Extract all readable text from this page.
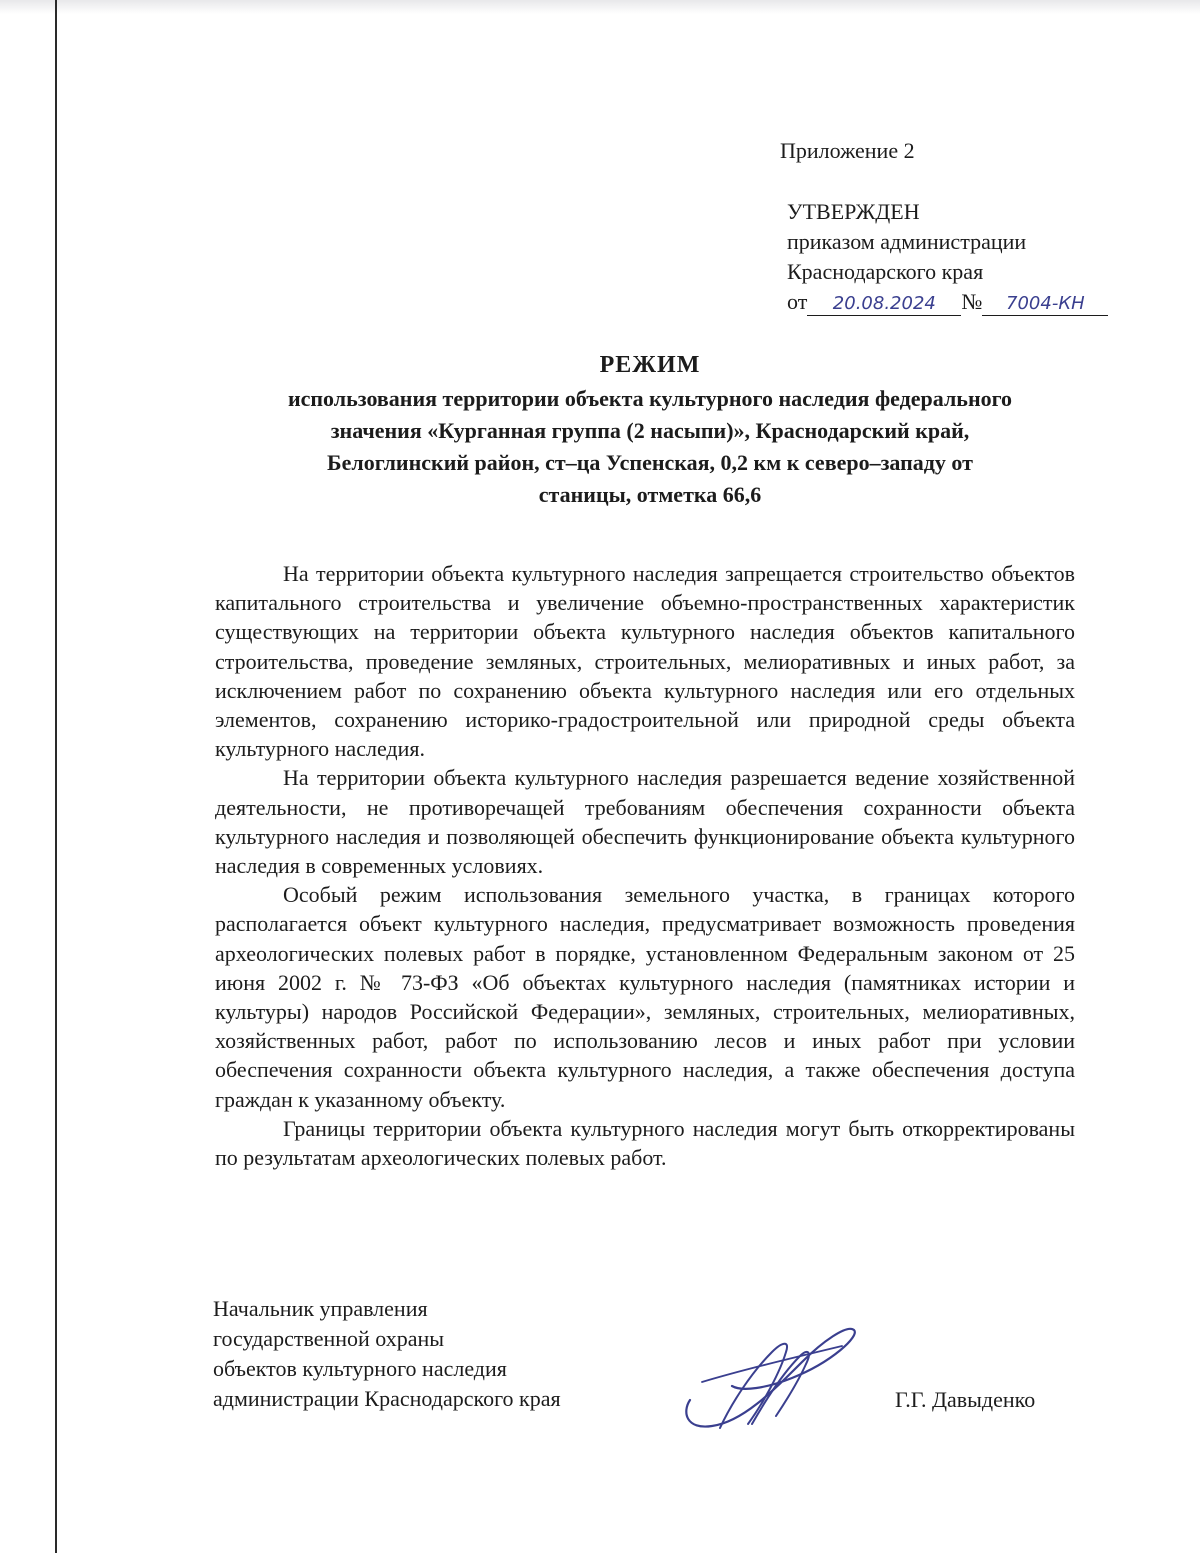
Приложение 2
УТВЕРЖДЕН
приказом администрации
Краснодарского края
от	20.08.2024	№	7004-КН
РЕЖИМ
использования территории объекта культурного наследия федерального
значения «Курганная группа (2 насыпи)», Краснодарский край,
Белоглинский район, ст–ца Успенская, 0,2 км к северо–западу от
станицы, отметка 66,6

На территории объекта культурного наследия запрещается строительство объектов капитального строительства и увеличение объемно-пространственных характеристик существующих на территории объекта культурного наследия объектов капитального строительства, проведение земляных, строительных, мелиоративных и иных работ, за исключением работ по сохранению объекта культурного наследия или его отдельных элементов, сохранению историко-градостроительной или природной среды объекта культурного наследия.

На территории объекта культурного наследия разрешается ведение хозяйственной деятельности, не противоречащей требованиям обеспечения сохранности объекта культурного наследия и позволяющей обеспечить функционирование объекта культурного наследия в современных условиях.

Особый режим использования земельного участка, в границах которого располагается объект культурного наследия, предусматривает возможность проведения археологических полевых работ в порядке, установленном Федеральным законом от 25 июня 2002 г. № 73-ФЗ «Об объектах культурного наследия (памятниках истории и культуры) народов Российской Федерации», земляных, строительных, мелиоративных, хозяйственных работ, работ по использованию лесов и иных работ при условии обеспечения сохранности объекта культурного наследия, а также обеспечения доступа граждан к указанному объекту.

Границы территории объекта культурного наследия могут быть откорректированы по результатам археологических полевых работ.

Начальник управления
государственной охраны
объектов культурного наследия
администрации Краснодарского края	Г.Г. Давыденко
